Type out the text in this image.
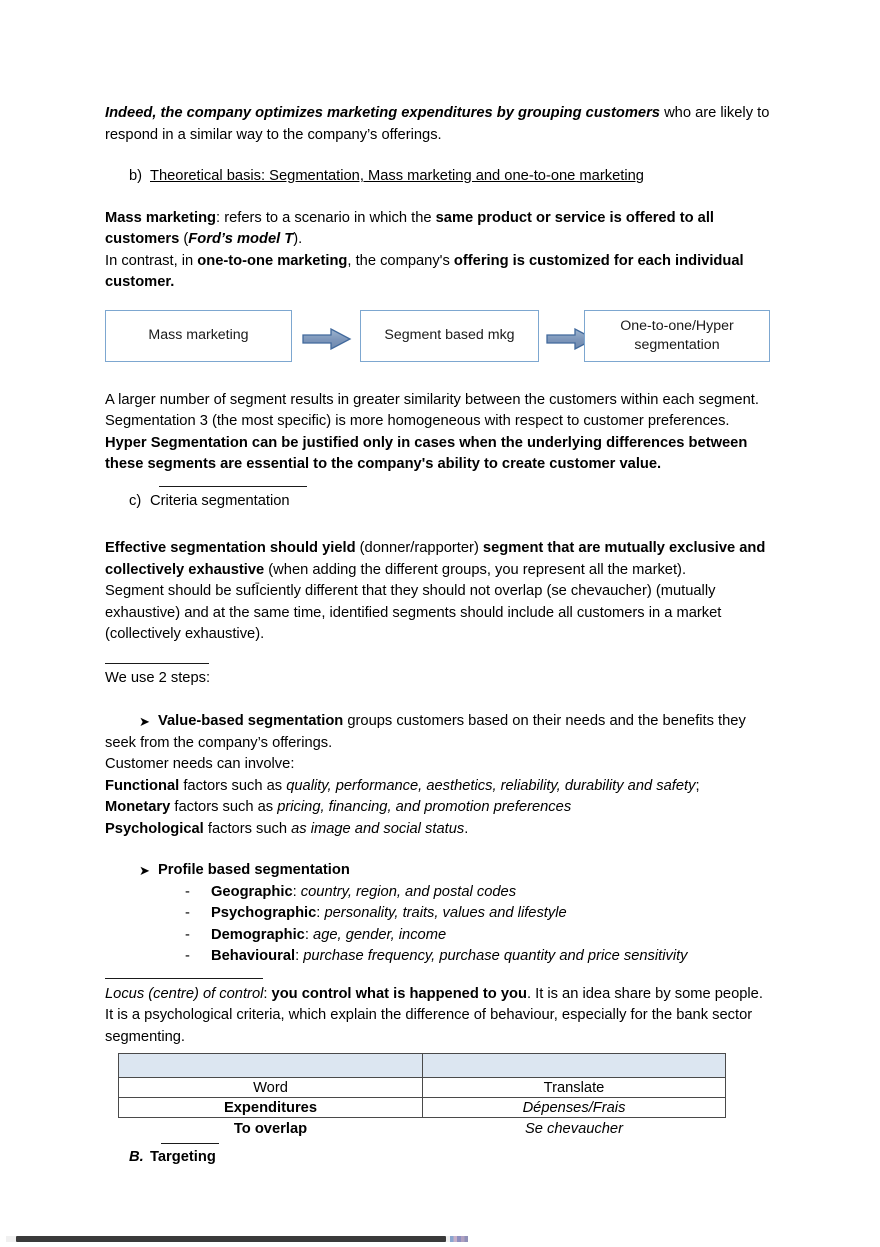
Indeed, the company optimizes marketing expenditures by grouping customers who are likely to respond in a similar way to the company’s offerings.

b) Theoretical basis: Segmentation, Mass marketing and one-to-one marketing

Mass marketing: refers to a scenario in which the same product or service is offered to all customers (Ford’s model T).

In contrast, in one-to-one marketing, the company's offering is customized for each individual customer.

Mass marketing	Segment based mkg
One-to-one/Hyper segmentation

A larger number of segment results in greater similarity between the customers within each segment. Segmentation 3 (the most specific) is more homogeneous with respect to customer preferences.

Hyper Segmentation can be justified only in cases when the underlying differences between these segments are essential to the company's ability to create customer value.

c) Criteria segmentation

Effective segmentation should yield (donner/rapporter) segment that are mutually exclusive and collectively exhaustive (when adding the different groups, you represent all the market).

Segment should be sufĪciently different that they should not overlap (se chevaucher) (mutually exhaustive) and at the same time, identified segments should include all customers in a market (collectively exhaustive).

We use 2 steps:

➤ Value-based segmentation groups customers based on their needs and the benefits they

seek from the company’s offerings.

Customer needs can involve:

Functional factors such as quality, performance, aesthetics, reliability, durability and safety;

Monetary factors such as pricing, financing, and promotion preferences

Psychological factors such as image and social status.

➤ Profile based segmentation
-	Geographic: country, region, and postal codes
-	Psychographic: personality, traits, values and lifestyle
-	Demographic: age, gender, income
-	Behavioural: purchase frequency, purchase quantity and price sensitivity

Locus (centre) of control: you control what is happened to you. It is an idea share by some people. It is a psychological criteria, which explain the difference of behaviour, especially for the bank sector segmenting.

Word	Translate
Expenditures	Dépenses/Frais
To overlap	Se chevaucher
B. Targeting
